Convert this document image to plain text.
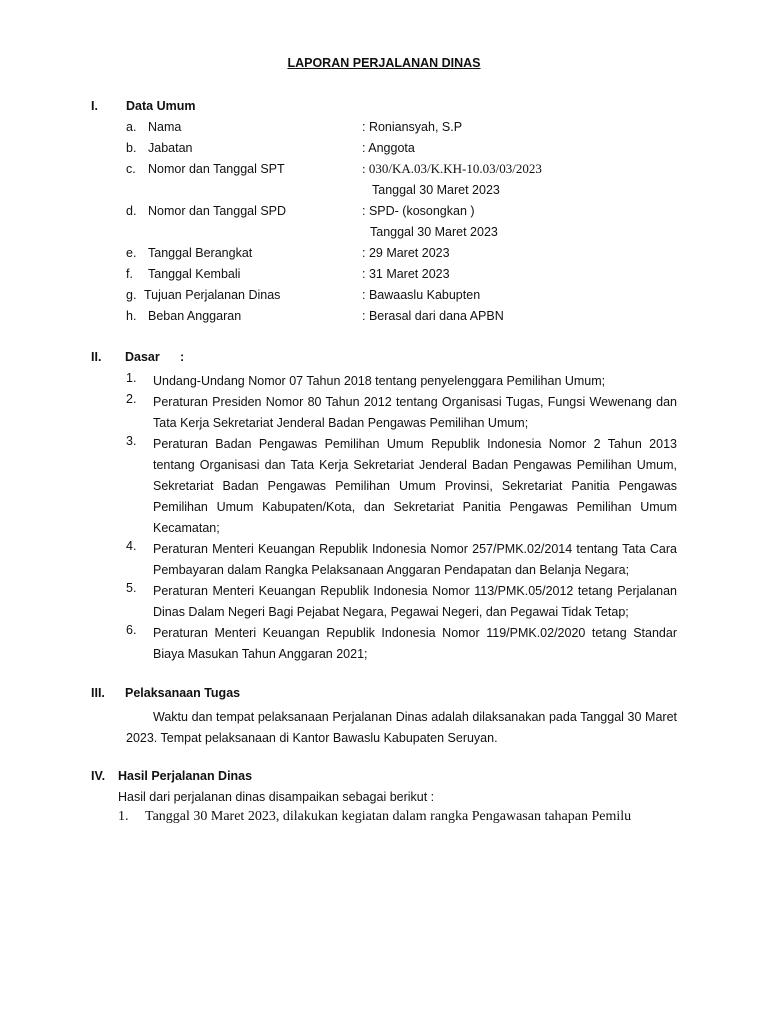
LAPORAN PERJALANAN DINAS
I. Data Umum
a. Nama	: Roniansyah, S.P
b. Jabatan	: Anggota
c. Nomor dan Tanggal SPT	: 030/KA.03/K.KH-10.03/03/2023
Tanggal 30 Maret 2023
d. Nomor dan Tanggal SPD	: SPD- (kosongkan )
Tanggal 30 Maret 2023
e. Tanggal Berangkat	: 29 Maret 2023
f. Tanggal Kembali	: 31 Maret 2023
g. Tujuan Perjalanan Dinas	: Bawaaslu Kabupten
h. Beban Anggaran	: Berasal dari dana APBN
II. Dasar :
1. Undang-Undang Nomor 07 Tahun 2018 tentang penyelenggara Pemilihan Umum;
2. Peraturan Presiden Nomor 80 Tahun 2012 tentang Organisasi Tugas, Fungsi Wewenang dan
Tata Kerja Sekretariat Jenderal Badan Pengawas Pemilihan Umum;
3. Peraturan Badan Pengawas Pemilihan Umum Republik Indonesia Nomor 2 Tahun 2013
tentang Organisasi dan Tata Kerja Sekretariat Jenderal Badan Pengawas Pemilihan Umum,
Sekretariat Badan Pengawas Pemilihan Umum Provinsi, Sekretariat Panitia Pengawas
Pemilihan Umum Kabupaten/Kota, dan Sekretariat Panitia Pengawas Pemilihan Umum
Kecamatan;
4. Peraturan Menteri Keuangan Republik Indonesia Nomor 257/PMK.02/2014 tentang Tata Cara
Pembayaran dalam Rangka Pelaksanaan Anggaran Pendapatan dan Belanja Negara;
5. Peraturan Menteri Keuangan Republik Indonesia Nomor 113/PMK.05/2012 tetang Perjalanan
Dinas Dalam Negeri Bagi Pejabat Negara, Pegawai Negeri, dan Pegawai Tidak Tetap;
6. Peraturan Menteri Keuangan Republik Indonesia Nomor 119/PMK.02/2020 tetang Standar
Biaya Masukan Tahun Anggaran 2021;
III. Pelaksanaan Tugas
Waktu dan tempat pelaksanaan Perjalanan Dinas adalah dilaksanakan pada Tanggal 30 Maret
2023. Tempat pelaksanaan di Kantor Bawaslu Kabupaten Seruyan.
IV. Hasil Perjalanan Dinas
Hasil dari perjalanan dinas disampaikan sebagai berikut :
1. Tanggal 30 Maret 2023, dilakukan kegiatan dalam rangka Pengawasan tahapan Pemilu
